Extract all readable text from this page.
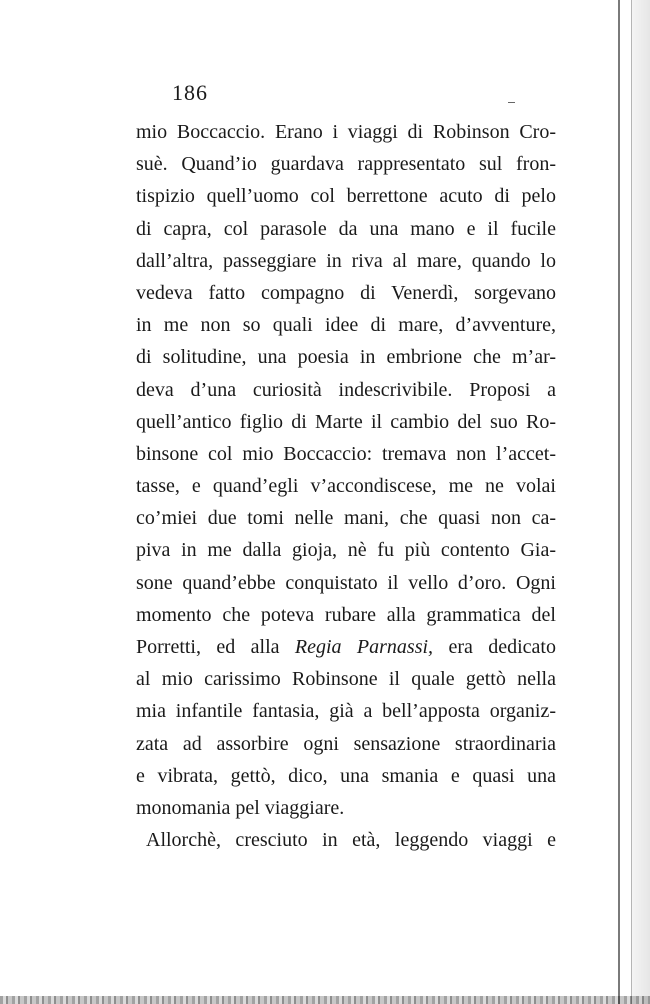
186
mio Boccaccio. Erano i viaggi di Robinson Cro-
suè. Quand’io guardava rappresentato sul fron-
tispizio quell’uomo col berrettone acuto di pelo
di capra, col parasole da una mano e il fucile
dall’altra, passeggiare in riva al mare, quando lo
vedeva fatto compagno di Venerdì, sorgevano
in me non so quali idee di mare, d’avventure,
di solitudine, una poesia in embrione che m’ar-
deva d’una curiosità indescrivibile. Proposi a
quell’antico figlio di Marte il cambio del suo Ro-
binsone col mio Boccaccio: tremava non l’accet-
tasse, e quand’egli v’accondiscese, me ne volai
co’miei due tomi nelle mani, che quasi non ca-
piva in me dalla gioja, nè fu più contento Gia-
sone quand’ebbe conquistato il vello d’oro. Ogni
momento che poteva rubare alla grammatica del
Porretti, ed alla Regia Parnassi, era dedicato
al mio carissimo Robinsone il quale gettò nella
mia infantile fantasia, già a bell’apposta organiz-
zata ad assorbire ogni sensazione straordinaria
e vibrata, gettò, dico, una smania e quasi una
monomania pel viaggiare.
Allorchè, cresciuto in età, leggendo viaggi e
